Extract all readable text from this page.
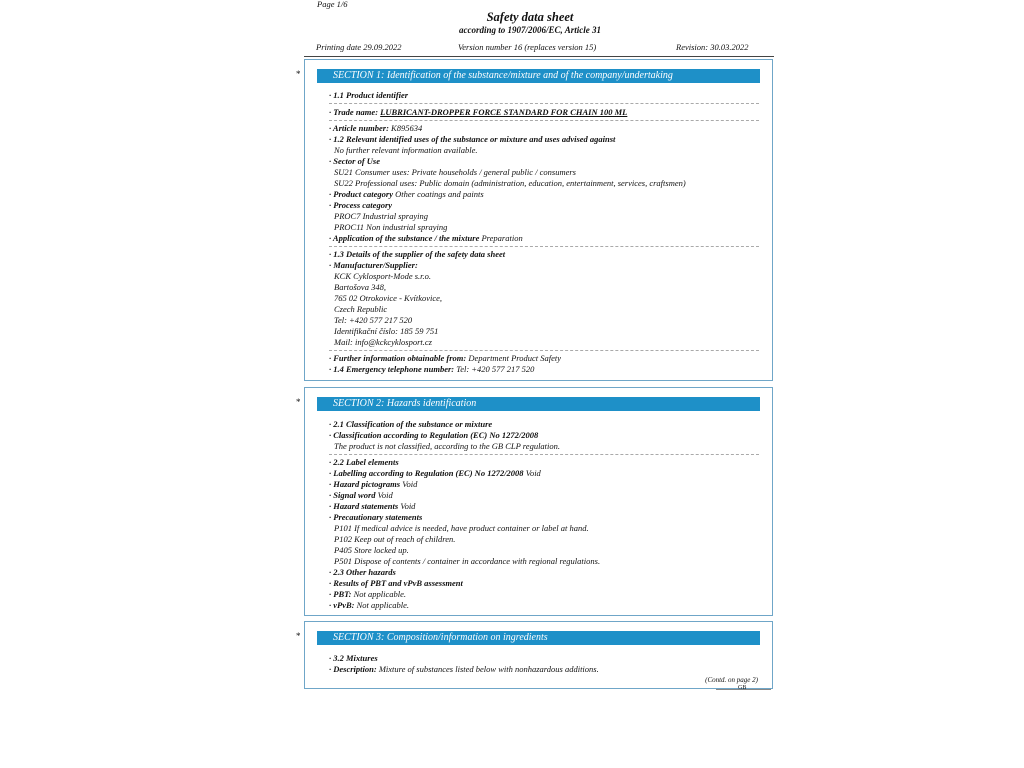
Page 1/6
Safety data sheet
according to 1907/2006/EC, Article 31
Printing date 29.09.2022	Version number 16 (replaces version 15)	Revision: 30.03.2022
*	SECTION 1: Identification of the substance/mixture and of the company/undertaking
· 1.1 Product identifier
· Trade name: LUBRICANT-DROPPER FORCE STANDARD FOR CHAIN 100 ML
· Article number: K895634
· 1.2 Relevant identified uses of the substance or mixture and uses advised against
No further relevant information available.
· Sector of Use
SU21 Consumer uses: Private households / general public / consumers
SU22 Professional uses: Public domain (administration, education, entertainment, services, craftsmen)
· Product category Other coatings and paints
· Process category
PROC7 Industrial spraying
PROC11 Non industrial spraying
· Application of the substance / the mixture Preparation
· 1.3 Details of the supplier of the safety data sheet
· Manufacturer/Supplier:
KCK Cyklosport-Mode s.r.o.
Bartošova 348,
765 02 Otrokovice - Kvítkovice,
Czech Republic
Tel: +420 577 217 520
Identifikační číslo: 185 59 751
Mail: info@kckcyklosport.cz
· Further information obtainable from: Department Product Safety
· 1.4 Emergency telephone number: Tel: +420 577 217 520
*	SECTION 2: Hazards identification
· 2.1 Classification of the substance or mixture
· Classification according to Regulation (EC) No 1272/2008
The product is not classified, according to the GB CLP regulation.
· 2.2 Label elements
· Labelling according to Regulation (EC) No 1272/2008 Void
· Hazard pictograms Void
· Signal word Void
· Hazard statements Void
· Precautionary statements
P101 If medical advice is needed, have product container or label at hand.
P102 Keep out of reach of children.
P405 Store locked up.
P501 Dispose of contents / container in accordance with regional regulations.
· 2.3 Other hazards
· Results of PBT and vPvB assessment
· PBT: Not applicable.
· vPvB: Not applicable.
*	SECTION 3: Composition/information on ingredients
· 3.2 Mixtures
· Description: Mixture of substances listed below with nonhazardous additions.
(Contd. on page 2)
GB
